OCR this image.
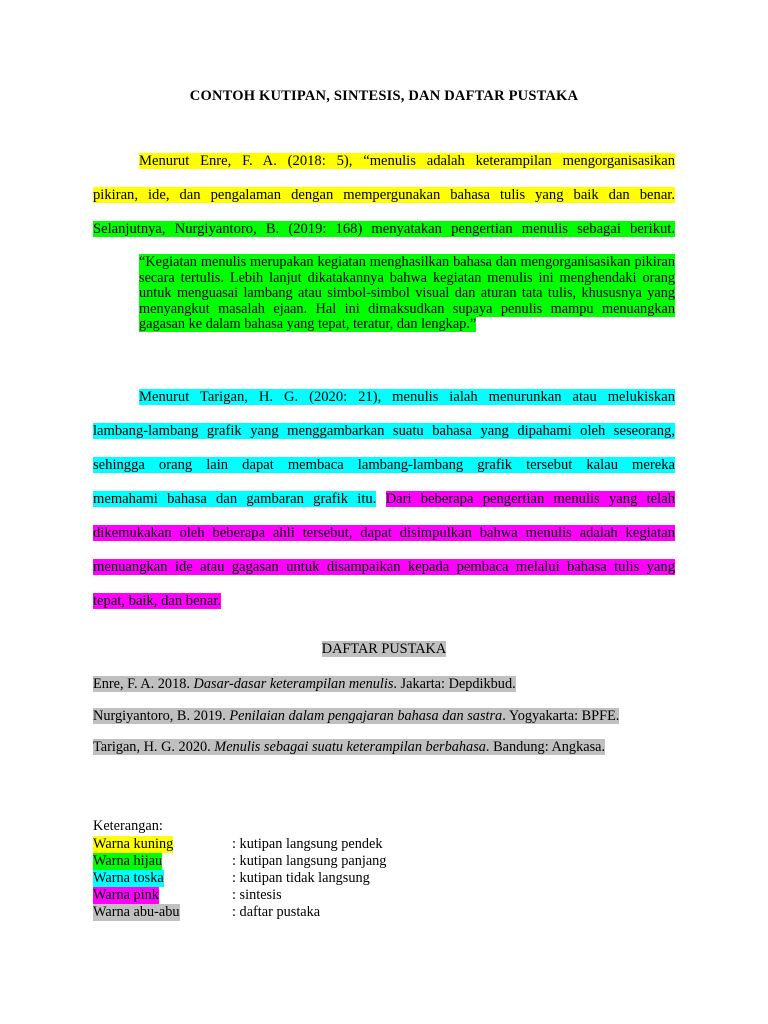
CONTOH KUTIPAN, SINTESIS, DAN DAFTAR PUSTAKA

Menurut Enre, F. A. (2018: 5), “menulis adalah keterampilan mengorganisasikan

pikiran, ide, dan pengalaman dengan mempergunakan bahasa tulis yang baik dan benar.

Selanjutnya, Nurgiyantoro, B. (2019: 168) menyatakan pengertian menulis sebagai berikut.

“Kegiatan menulis merupakan kegiatan menghasilkan bahasa dan mengorganisasikan pikiran secara tertulis. Lebih lanjut dikatakannya bahwa kegiatan menulis ini menghendaki orang untuk menguasai lambang atau simbol-simbol visual dan aturan tata tulis, khususnya yang menyangkut masalah ejaan. Hal ini dimaksudkan supaya penulis mampu menuangkan gagasan ke dalam bahasa yang tepat, teratur, dan lengkap.”

Menurut Tarigan, H. G. (2020: 21), menulis ialah menurunkan atau melukiskan

lambang-lambang grafik yang menggambarkan suatu bahasa yang dipahami oleh seseorang,

sehingga orang lain dapat membaca lambang-lambang grafik tersebut kalau mereka

memahami bahasa dan gambaran grafik itu. Dari beberapa pengertian menulis yang telah

dikemukakan oleh beberapa ahli tersebut, dapat disimpulkan bahwa menulis adalah kegiatan

menuangkan ide atau gagasan untuk disampaikan kepada pembaca melalui bahasa tulis yang

tepat, baik, dan benar.

DAFTAR PUSTAKA
Enre, F. A. 2018. Dasar-dasar keterampilan menulis. Jakarta: Depdikbud.
Nurgiyantoro, B. 2019. Penilaian dalam pengajaran bahasa dan sastra. Yogyakarta: BPFE.
Tarigan, H. G. 2020. Menulis sebagai suatu keterampilan berbahasa. Bandung: Angkasa.
Keterangan:
Warna kuning	: kutipan langsung pendek
Warna hijau	: kutipan langsung panjang
Warna toska	: kutipan tidak langsung
Warna pink	: sintesis
Warna abu-abu	: daftar pustaka
